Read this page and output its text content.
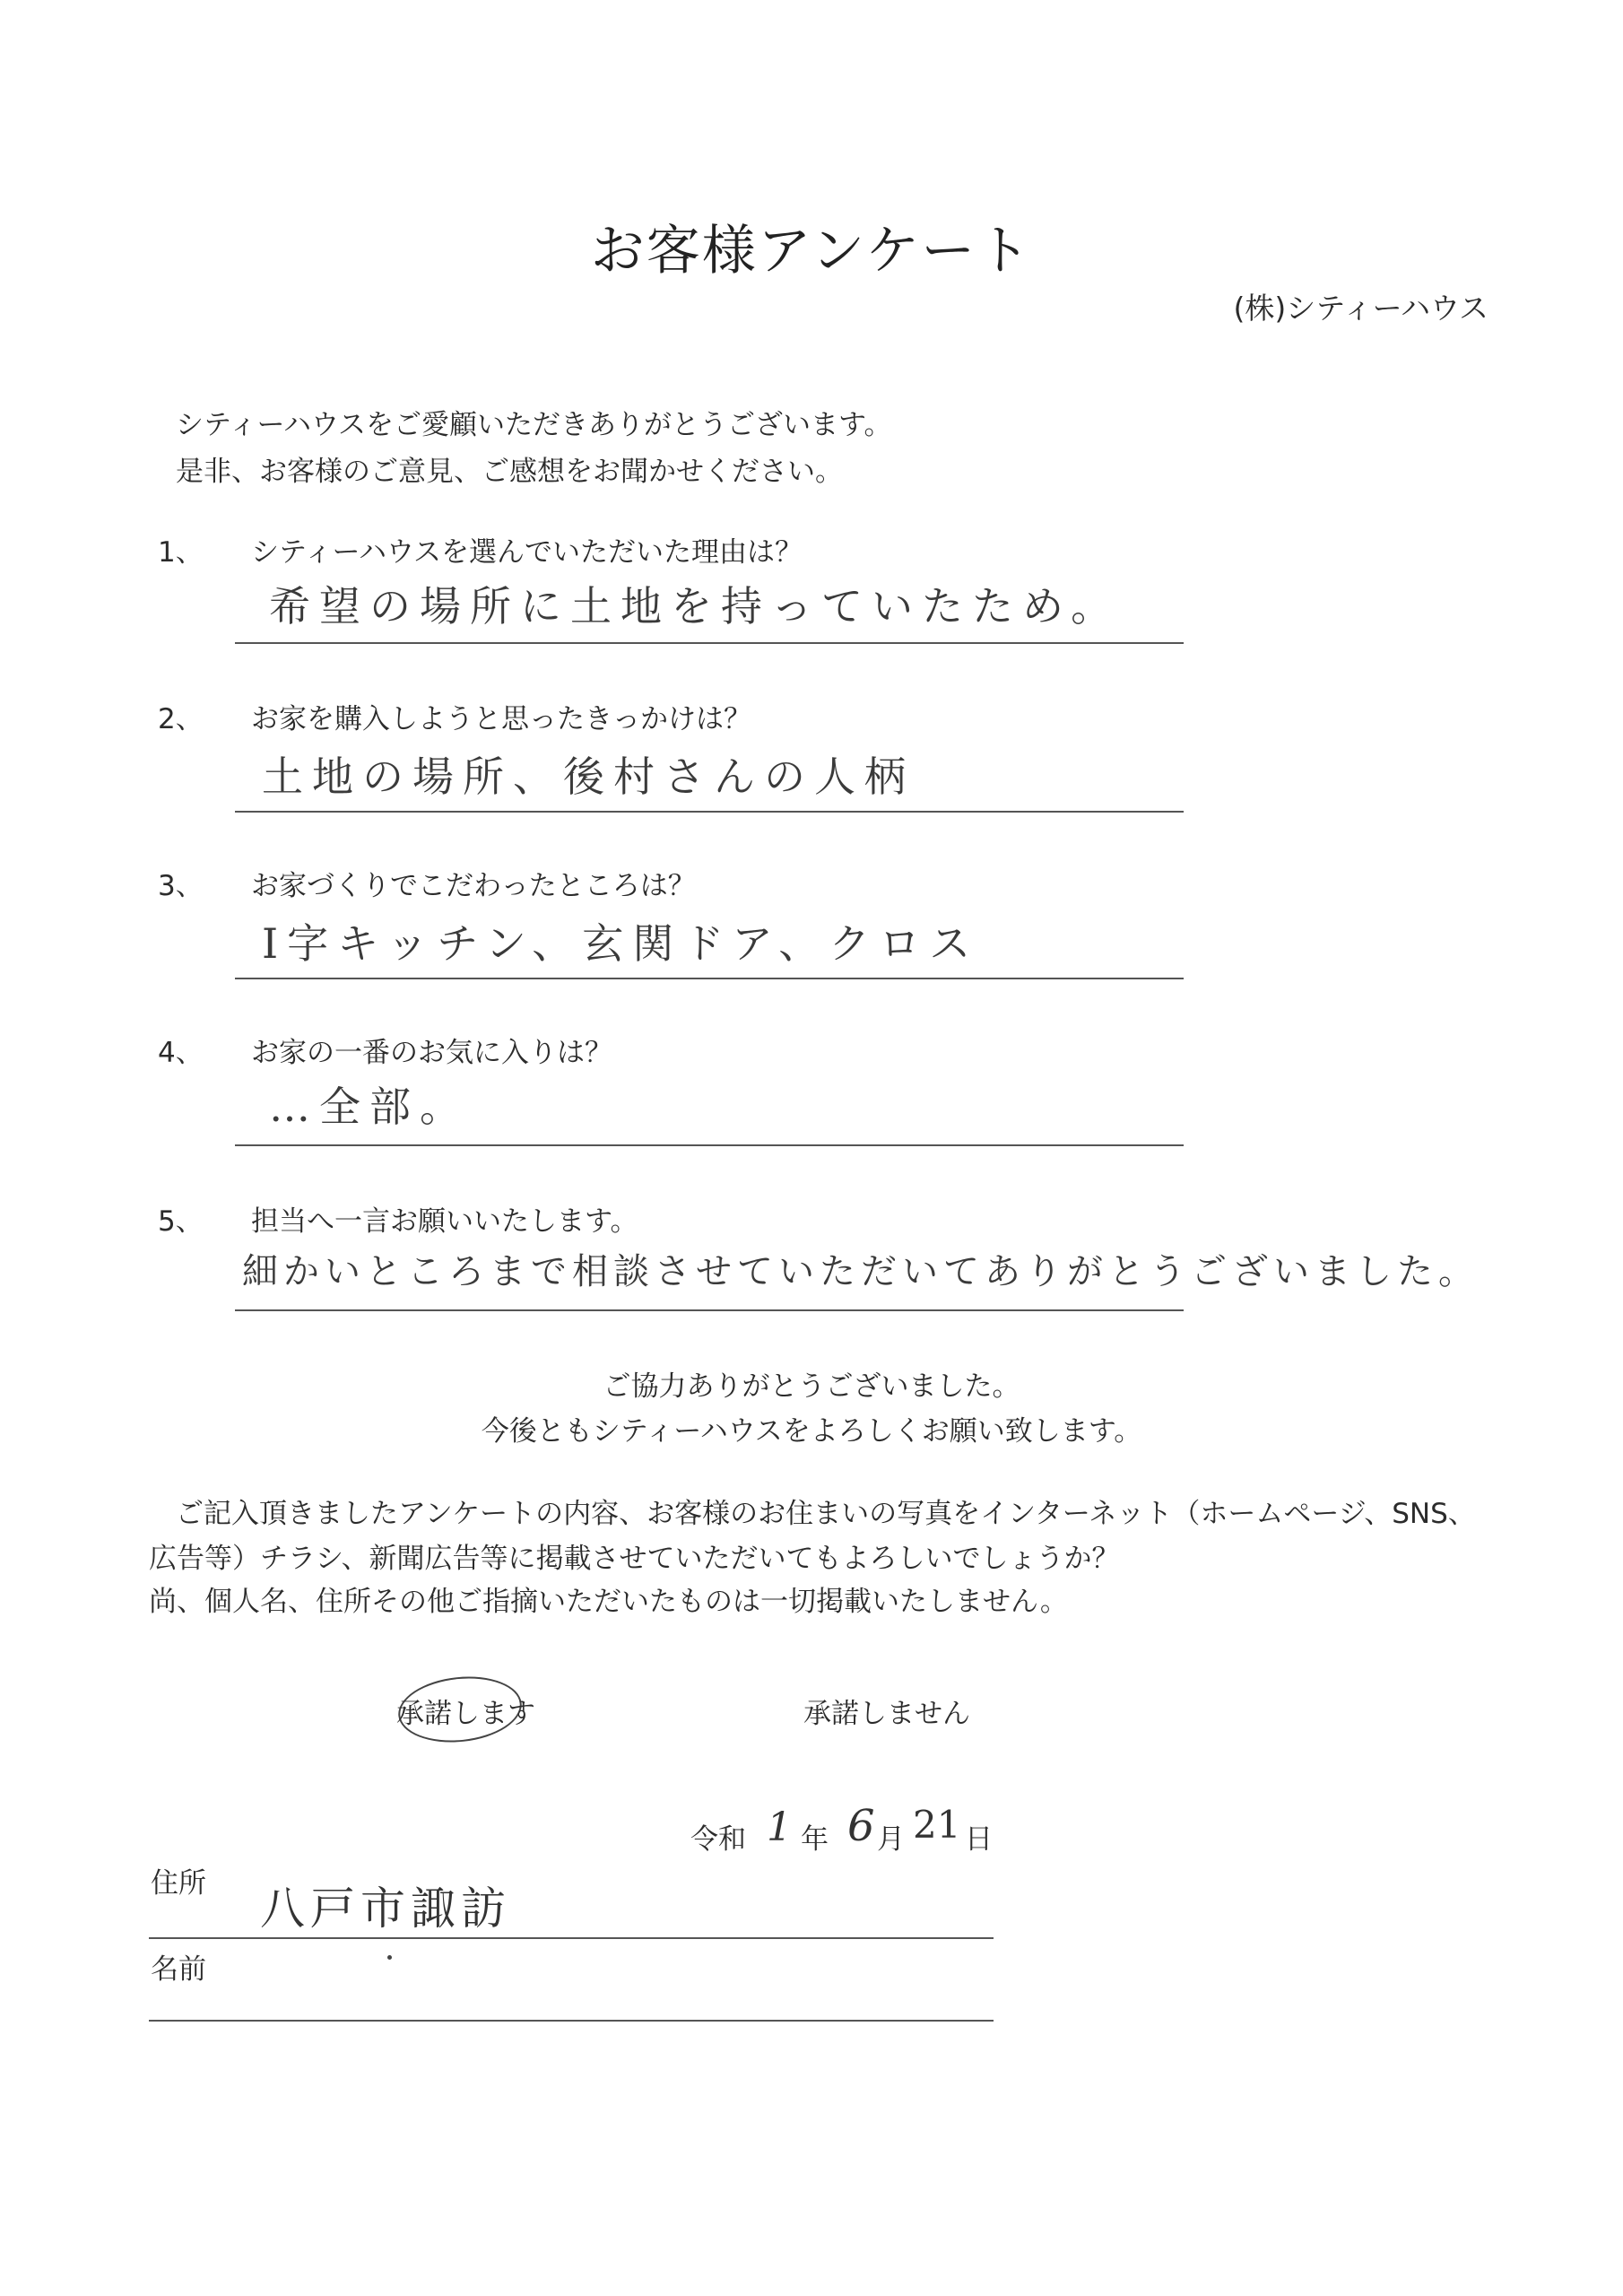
お客様アンケート
(株)シティーハウス
シティーハウスをご愛顧いただきありがとうございます。
是非、お客様のご意見、ご感想をお聞かせください。
1、 シティーハウスを選んでいただいた理由は？
希望の場所に土地を持っていたため。
2、 お家を購入しようと思ったきっかけは？
土地の場所、後村さんの人柄
3、 お家づくりでこだわったところは？
I字キッチン、玄関ドア、クロス
4、 お家の一番のお気に入りは？
…全部。
5、 担当へ一言お願いいたします。
細かいところまで相談させていただいてありがとうございました。
ご協力ありがとうございました。
今後ともシティーハウスをよろしくお願い致します。
ご記入頂きましたアンケートの内容、お客様のお住まいの写真をインターネット（ホームページ、SNS、
広告等）チラシ、新聞広告等に掲載させていただいてもよろしいでしょうか？
尚、個人名、住所その他ご指摘いただいたものは一切掲載いたしません。
承諾します	承諾しません
令和 1 年 6 月 21 日
住所 八戸市諏訪
名前
